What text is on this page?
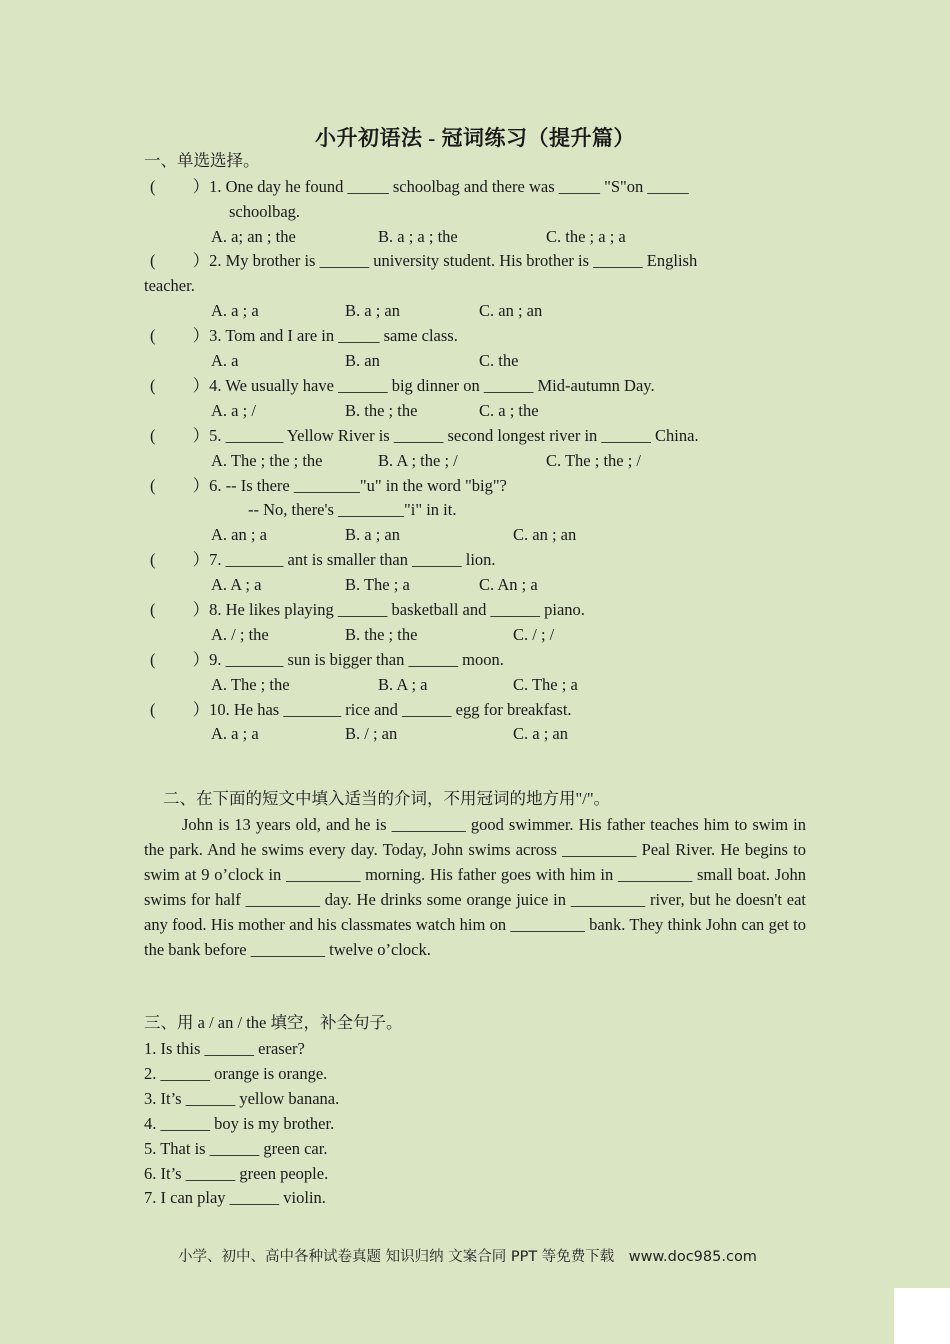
小升初语法 - 冠词练习（提升篇）
一、单选选择。
(　　 ）1. One day he found _____ schoolbag and there was _____ "S"on _____
schoolbag.
A. a; an ; the	B. a ; a ; the	C. the ; a ; a
(　　 ）2. My brother is ______ university student. His brother is ______ English
teacher.
A. a ; a	B. a ; an	C. an ; an
(　　 ）3. Tom and I are in _____ same class.
A. a	B. an	C. the
(　　 ）4. We usually have ______ big dinner on ______ Mid-autumn Day.
A. a ; /	B. the ; the	C. a ; the
(　　 ）5. _______ Yellow River is ______ second longest river in ______ China.
A. The ; the ; the	B. A ; the ; /	C. The ; the ; /
(　　 ）6. -- Is there ________"u" in the word "big"?
-- No, there's ________"i" in it.
A. an ; a	B. a ; an	C. an ; an
(　　 ）7. _______ ant is smaller than ______ lion.
A. A ; a	B. The ; a	C. An ; a
(　　 ）8. He likes playing ______ basketball and ______ piano.
A. / ; the	B. the ; the	C. / ; /
(　　 ）9. _______ sun is bigger than ______ moon.
A. The ; the	B. A ; a	C. The ; a
(　　 ）10. He has _______ rice and ______ egg for breakfast.
A. a ; a	B. / ; an	C. a ; an
二、在下面的短文中填入适当的介词，不用冠词的地方用"/"。

John is 13 years old, and he is _________ good swimmer. His father teaches him to swim in the park. And he swims every day. Today, John swims across _________ Peal River. He begins to swim at 9 o’clock in _________ morning. His father goes with him in _________ small boat. John swims for half _________ day. He drinks some orange juice in _________ river, but he doesn't eat any food. His mother and his classmates watch him on _________ bank. They think John can get to the bank before _________ twelve o’clock.

三、用 a / an / the 填空，补全句子。
1. Is this ______ eraser?
2. ______ orange is orange.
3. It’s ______ yellow banana.
4. ______ boy is my brother.
5. That is ______ green car.
6. It’s ______ green people.
7. I can play ______ violin.
小学、初中、高中各种试卷真题 知识归纳 文案合同 PPT 等免费下载　www.doc985.com
